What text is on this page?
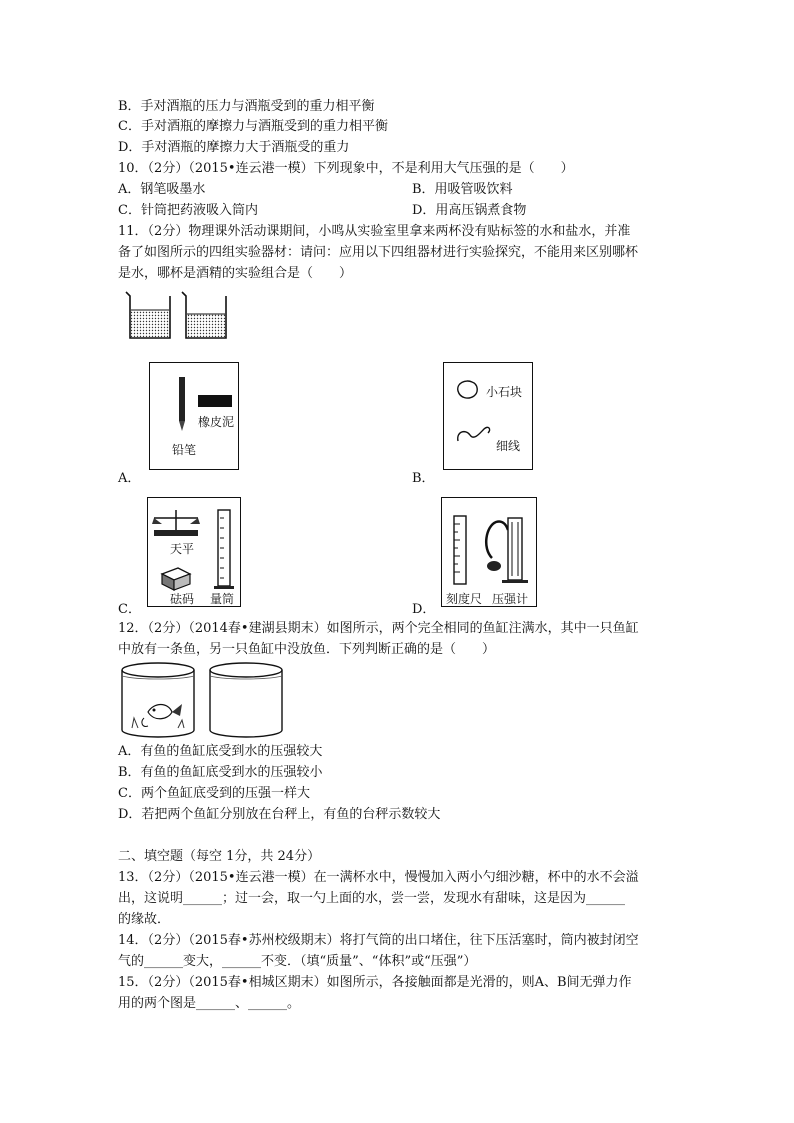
B．手对酒瓶的压力与酒瓶受到的重力相平衡
C．手对酒瓶的摩擦力与酒瓶受到的重力相平衡
D．手对酒瓶的摩擦力大于酒瓶受的重力
10．（2分）（2015•连云港一模）下列现象中，不是利用大气压强的是（　　）
A．钢笔吸墨水	B．用吸管吸饮料
C．针筒把药液吸入筒内	D．用高压锅煮食物
11．（2分）物理课外活动课期间，小鸣从实验室里拿来两杯没有贴标签的水和盐水，并准
备了如图所示的四组实验器材：请问：应用以下四组器材进行实验探究，不能用来区别哪杯
是水，哪杯是酒精的实验组合是（　　）
橡皮泥
铅笔
A．
小石块
细线
B．
天平
砝码 量筒
C．
刻度尺 压强计
D．
12．（2分）（2014春•建湖县期末）如图所示，两个完全相同的鱼缸注满水，其中一只鱼缸
中放有一条鱼，另一只鱼缸中没放鱼．下列判断正确的是（　　）
A．有鱼的鱼缸底受到水的压强较大
B．有鱼的鱼缸底受到水的压强较小
C．两个鱼缸底受到的压强一样大
D．若把两个鱼缸分别放在台秤上，有鱼的台秤示数较大
二、填空题（每空 1分，共 24分）
13．（2分）（2015•连云港一模）在一满杯水中，慢慢加入两小勺细沙糖，杯中的水不会溢
出，这说明______；过一会，取一勺上面的水，尝一尝，发现水有甜味，这是因为______
的缘故．
14．（2分）（2015春•苏州校级期末）将打气筒的出口堵住，往下压活塞时，筒内被封闭空
气的______变大，______不变．（填“质量”、“体积”或“压强”）
15．（2分）（2015春•相城区期末）如图所示，各接触面都是光滑的，则A、B间无弹力作
用的两个图是______、______。
